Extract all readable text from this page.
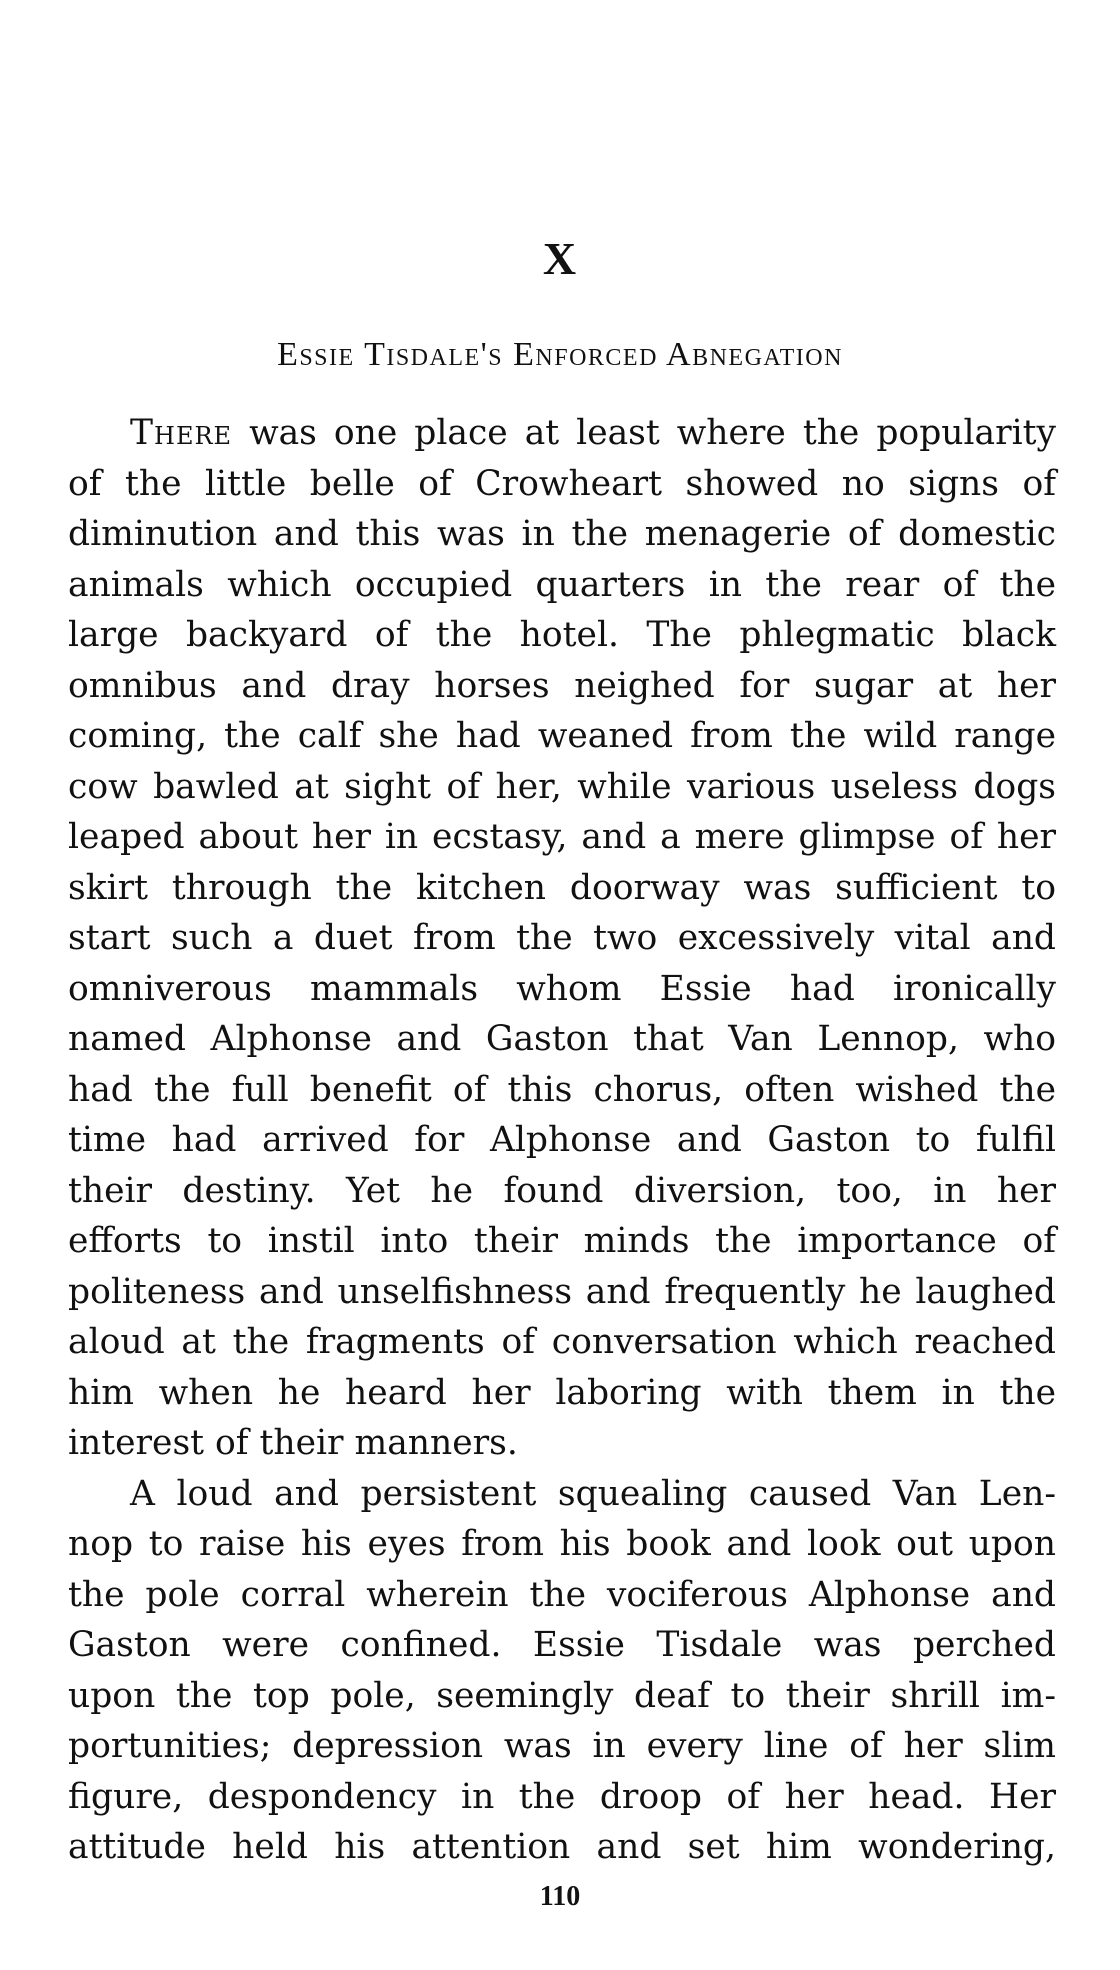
X
Essie Tisdale's Enforced Abnegation
There was one place at least where the popularity
of the little belle of Crowheart showed no signs of
diminution and this was in the menagerie of domestic
animals which occupied quarters in the rear of the
large backyard of the hotel. The phlegmatic black
omnibus and dray horses neighed for sugar at her
coming, the calf she had weaned from the wild range
cow bawled at sight of her, while various useless dogs
leaped about her in ecstasy, and a mere glimpse of her
skirt through the kitchen doorway was sufficient to
start such a duet from the two excessively vital and
omniverous mammals whom Essie had ironically
named Alphonse and Gaston that Van Lennop, who
had the full benefit of this chorus, often wished the
time had arrived for Alphonse and Gaston to fulfil
their destiny. Yet he found diversion, too, in her
efforts to instil into their minds the importance of
politeness and unselfishness and frequently he laughed
aloud at the fragments of conversation which reached
him when he heard her laboring with them in the
interest of their manners.
A loud and persistent squealing caused Van Len-
nop to raise his eyes from his book and look out upon
the pole corral wherein the vociferous Alphonse and
Gaston were confined. Essie Tisdale was perched
upon the top pole, seemingly deaf to their shrill im-
portunities; depression was in every line of her slim
figure, despondency in the droop of her head. Her
attitude held his attention and set him wondering,
110
